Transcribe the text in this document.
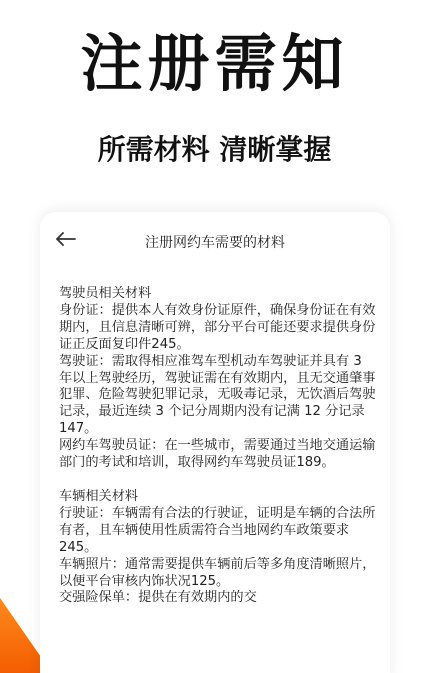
注册需知
所需材料 清晰掌握
注册网约车需要的材料

驾驶员相关材料

身份证：提供本人有效身份证原件，确保身份证在有效期内，且信息清晰可辨，部分平台可能还要求提供身份证正反面复印件245。

驾驶证：需取得相应准驾车型机动车驾驶证并具有 3 年以上驾驶经历，驾驶证需在有效期内，且无交通肇事犯罪、危险驾驶犯罪记录，无吸毒记录，无饮酒后驾驶记录，最近连续 3 个记分周期内没有记满 12 分记录147。

网约车驾驶员证：在一些城市，需要通过当地交通运输部门的考试和培训，取得网约车驾驶员证189。

车辆相关材料

行驶证：车辆需有合法的行驶证，证明是车辆的合法所有者，且车辆使用性质需符合当地网约车政策要求245。

车辆照片：通常需要提供车辆前后等多角度清晰照片，以便平台审核内饰状况125。

交强险保单：提供在有效期内的交
